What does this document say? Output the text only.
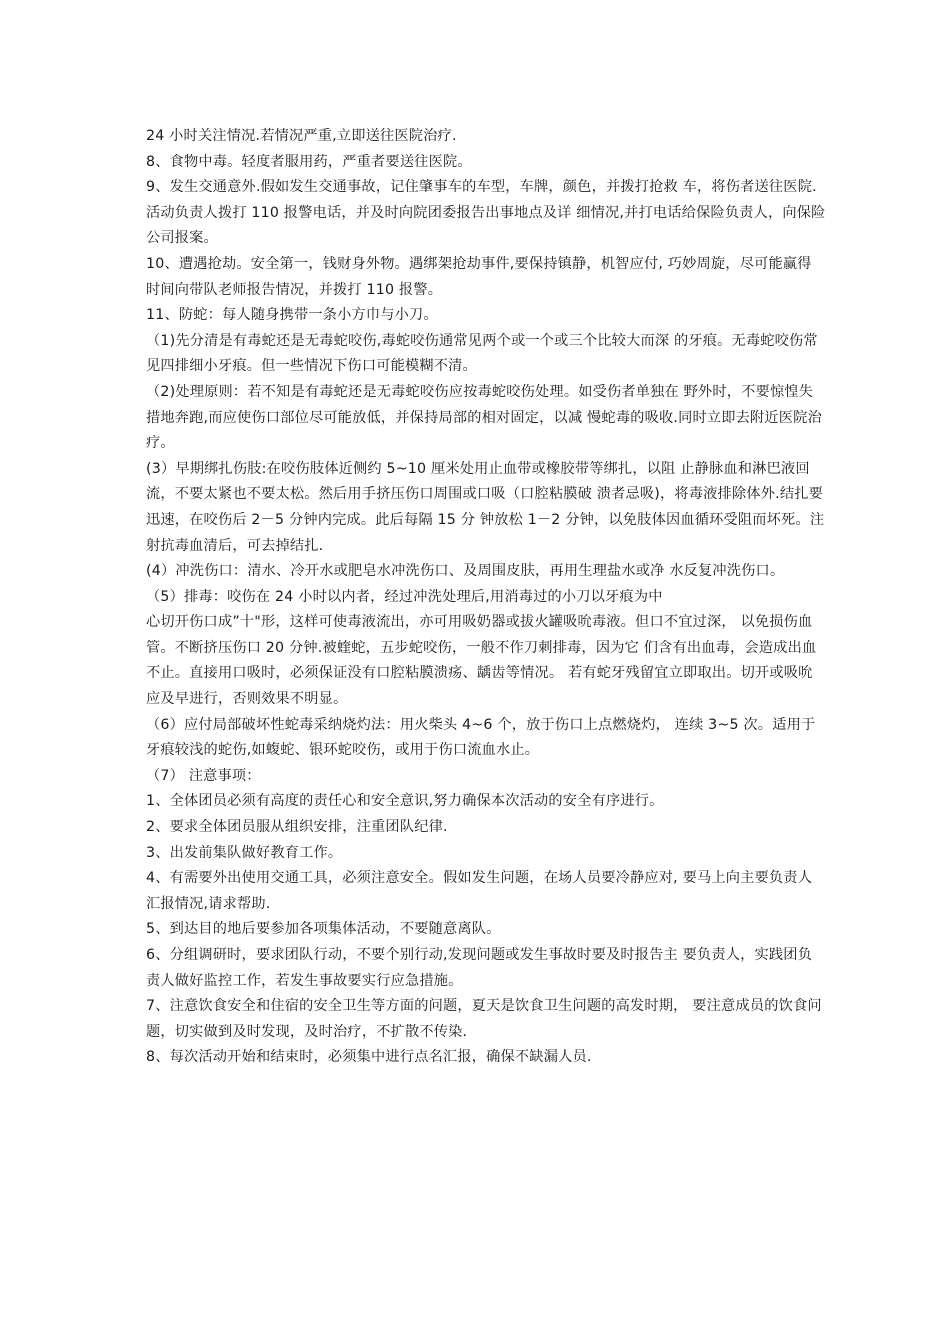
24 小时关注情况.若情况严重,立即送往医院治疗.

8、食物中毒。轻度者服用药，严重者要送往医院。

9、发生交通意外.假如发生交通事故，记住肇事车的车型，车牌，颜色，并拨打抢救 车，将伤者送往医院.活动负责人拨打 110 报警电话，并及时向院团委报告出事地点及详 细情况,并打电话给保险负责人，向保险公司报案。

10、遭遇抢劫。安全第一，钱财身外物。遇绑架抢劫事件,要保持镇静，机智应付, 巧妙周旋，尽可能赢得时间向带队老师报告情况，并拨打 110 报警。

11、防蛇：每人随身携带一条小方巾与小刀。

（1)先分清是有毒蛇还是无毒蛇咬伤,毒蛇咬伤通常见两个或一个或三个比较大而深 的牙痕。无毒蛇咬伤常见四排细小牙痕。但一些情况下伤口可能模糊不清。

（2)处理原则：若不知是有毒蛇还是无毒蛇咬伤应按毒蛇咬伤处理。如受伤者单独在 野外时，不要惊惶失措地奔跑,而应使伤口部位尽可能放低，并保持局部的相对固定，以减 慢蛇毒的吸收.同时立即去附近医院治疗。

(3）早期绑扎伤肢:在咬伤肢体近侧约 5~10 厘米处用止血带或橡胶带等绑扎，以阻 止静脉血和淋巴液回流，不要太紧也不要太松。然后用手挤压伤口周围或口吸（口腔粘膜破 溃者忌吸)，将毒液排除体外.结扎要迅速，在咬伤后 2－5 分钟内完成。此后每隔 15 分 钟放松 1－2 分钟，以免肢体因血循环受阻而坏死。注射抗毒血清后，可去掉结扎.

(4）冲洗伤口：清水、冷开水或肥皂水冲洗伤口、及周围皮肤，再用生理盐水或净 水反复冲洗伤口。

（5）排毒：咬伤在 24 小时以内者，经过冲洗处理后,用消毒过的小刀以牙痕为中

心切开伤口成”十"形，这样可使毒液流出，亦可用吸奶器或拔火罐吸吮毒液。但口不宜过深， 以免损伤血管。不断挤压伤口 20 分钟.被蝰蛇，五步蛇咬伤，一般不作刀刺排毒，因为它 们含有出血毒，会造成出血不止。直接用口吸时，必须保证没有口腔粘膜溃疡、龋齿等情况。 若有蛇牙残留宜立即取出。切开或吸吮应及早进行，否则效果不明显。

（6）应付局部破坏性蛇毒采纳烧灼法：用火柴头 4~6 个，放于伤口上点燃烧灼， 连续 3~5 次。适用于牙痕较浅的蛇伤,如蝮蛇、银环蛇咬伤，或用于伤口流血水止。

（7） 注意事项：

1、全体团员必须有高度的责任心和安全意识,努力确保本次活动的安全有序进行。

2、要求全体团员服从组织安排，注重团队纪律.

3、出发前集队做好教育工作。

4、有需要外出使用交通工具，必须注意安全。假如发生问题，在场人员要冷静应对, 要马上向主要负责人汇报情况,请求帮助.

5、到达目的地后要参加各项集体活动，不要随意离队。

6、分组调研时，要求团队行动，不要个别行动,发现问题或发生事故时要及时报告主 要负责人，实践团负责人做好监控工作，若发生事故要实行应急措施。

7、注意饮食安全和住宿的安全卫生等方面的问题，夏天是饮食卫生问题的高发时期， 要注意成员的饮食问题，切实做到及时发现，及时治疗，不扩散不传染.

8、每次活动开始和结束时，必须集中进行点名汇报，确保不缺漏人员.
